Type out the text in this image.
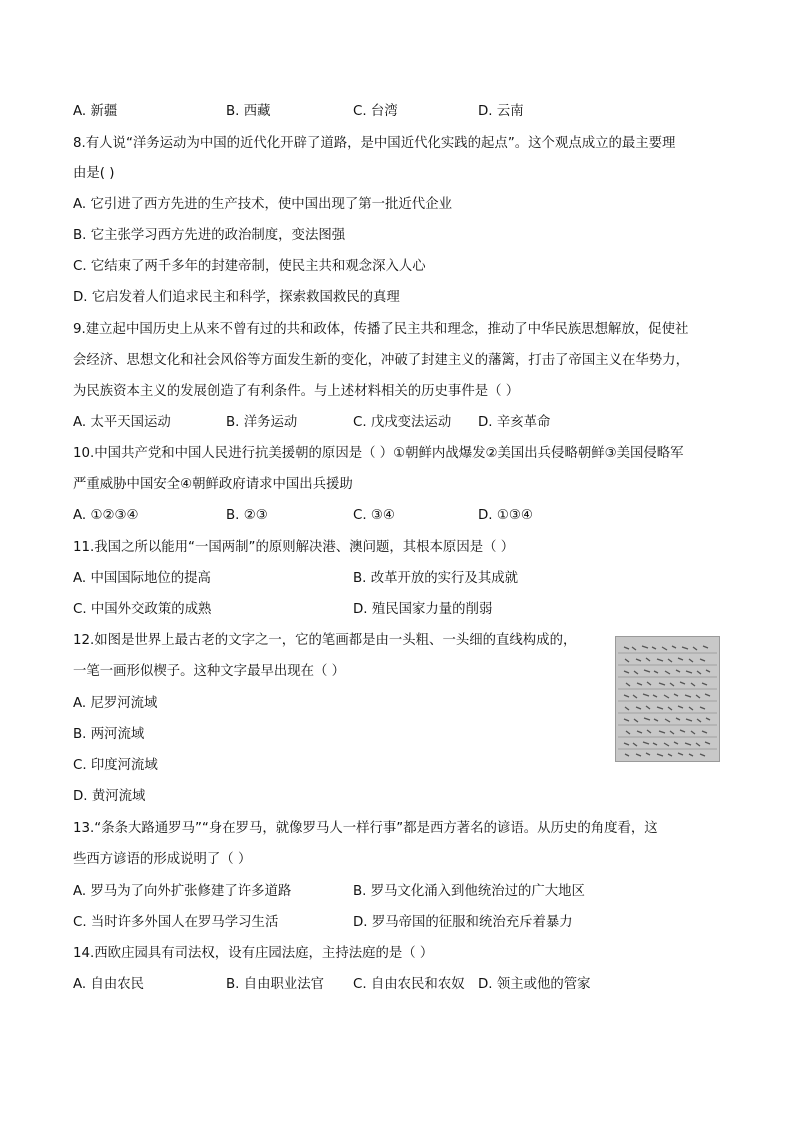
A. 新疆	B. 西藏	C. 台湾	D. 云南
8.有人说“洋务运动为中国的近代化开辟了道路，是中国近代化实践的起点”。这个观点成立的最主要理
由是( )
A. 它引进了西方先进的生产技术，使中国出现了第一批近代企业
B. 它主张学习西方先进的政治制度，变法图强
C. 它结束了两千多年的封建帝制，使民主共和观念深入人心
D. 它启发着人们追求民主和科学，探索救国救民的真理
9.建立起中国历史上从来不曾有过的共和政体，传播了民主共和理念，推动了中华民族思想解放，促使社
会经济、思想文化和社会风俗等方面发生新的变化，冲破了封建主义的藩篱，打击了帝国主义在华势力，
为民族资本主义的发展创造了有利条件。与上述材料相关的历史事件是（ ）
A. 太平天国运动	B. 洋务运动	C. 戊戌变法运动 D. 辛亥革命
10.中国共产党和中国人民进行抗美援朝的原因是（ ）①朝鲜内战爆发②美国出兵侵略朝鲜③美国侵略军
严重威胁中国安全④朝鲜政府请求中国出兵援助
A. ①②③④	B. ②③	C. ③④	D. ①③④
11.我国之所以能用“一国两制”的原则解决港、澳问题，其根本原因是（ ）
A. 中国国际地位的提高	B. 改革开放的实行及其成就
C. 中国外交政策的成熟	D. 殖民国家力量的削弱
12.如图是世界上最古老的文字之一，它的笔画都是由一头粗、一头细的直线构成的，
一笔一画形似楔子。这种文字最早出现在（ ）
A. 尼罗河流域
B. 两河流域
C. 印度河流域
D. 黄河流域
13.“条条大路通罗马”“身在罗马，就像罗马人一样行事”都是西方著名的谚语。从历史的角度看，这
些西方谚语的形成说明了（ ）
A. 罗马为了向外扩张修建了许多道路	B. 罗马文化涌入到他统治过的广大地区
C. 当时许多外国人在罗马学习生活	D. 罗马帝国的征服和统治充斥着暴力
14.西欧庄园具有司法权，设有庄园法庭，主持法庭的是（ ）
A. 自由农民	B. 自由职业法官 C. 自由农民和农奴 D. 领主或他的管家
